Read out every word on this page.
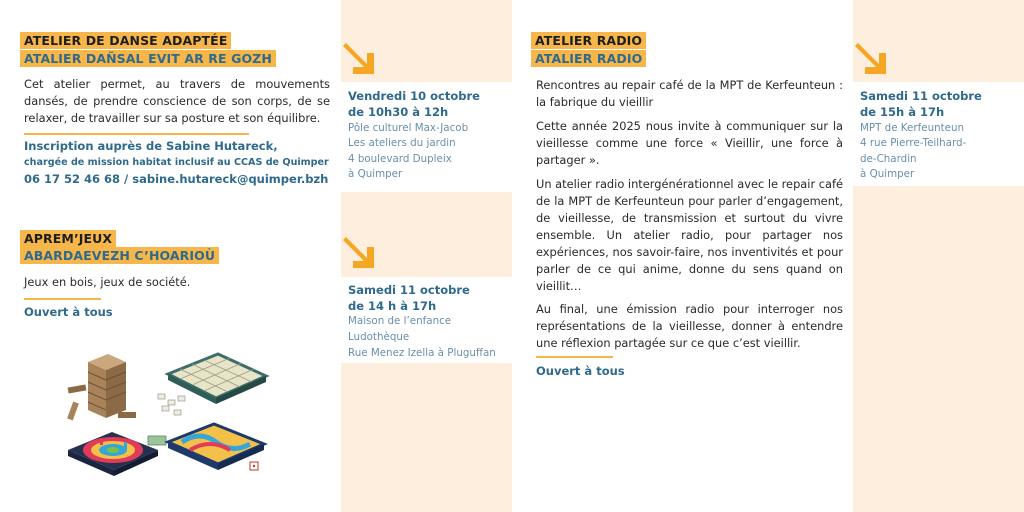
ATELIER DE DANSE ADAPTÉE
ATALIER DAÑSAL EVIT AR RE GOZH
Cet atelier permet, au travers de mouvements dansés, de prendre conscience de son corps, de se relaxer, de travailler sur sa posture et son équilibre.
Inscription auprès de Sabine Hutareck,
chargée de mission habitat inclusif au CCAS de Quimper
06 17 52 46 68 / sabine.hutareck@quimper.bzh
Vendredi 10 octobre
de 10h30 à 12h
Pôle culturel Max-Jacob
Les ateliers du jardin
4 boulevard Dupleix
à Quimper
APREM’JEUX
ABARDAEVEZH C’HOARIOÙ
Jeux en bois, jeux de société.
Ouvert à tous
Samedi 11 octobre
de 14 h à 17h
Maison de l’enfance
Ludothèque
Rue Menez Izella à Pluguffan
ATELIER RADIO
ATALIER RADIO
Rencontres au repair café de la MPT de Kerfeunteun : la fabrique du vieillir
Cette année 2025 nous invite à communiquer sur la vieillesse comme une force « Vieillir, une force à partager ».
Un atelier radio intergénérationnel avec le repair café de la MPT de Kerfeunteun pour parler d’engagement, de vieillesse, de transmission et surtout du vivre ensemble. Un atelier radio, pour partager nos expériences, nos savoir-faire, nos inventivités et pour parler de ce qui anime, donne du sens quand on vieillit…
Au final, une émission radio pour interroger nos représentations de la vieillesse, donner à entendre une réflexion partagée sur ce que c’est vieillir.
Ouvert à tous
Samedi 11 octobre
de 15h à 17h
MPT de Kerfeunteun
4 rue Pierre-Teilhard-
de-Chardin
à Quimper
